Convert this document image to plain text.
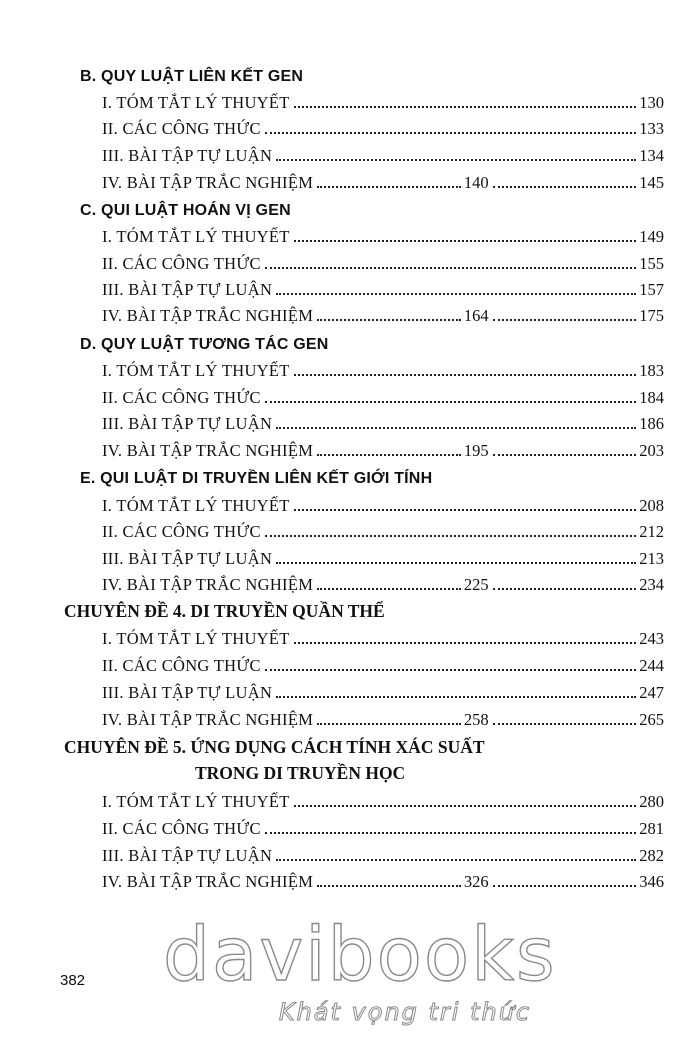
B. QUY LUẬT LIÊN KẾT GEN
I. TÓM TẮT LÝ THUYẾT	130
II. CÁC CÔNG THỨC	133
III. BÀI TẬP TỰ LUẬN	134
IV. BÀI TẬP TRẮC NGHIỆM	140	145
C. QUI LUẬT HOÁN VỊ GEN
I. TÓM TẮT LÝ THUYẾT	149
II. CÁC CÔNG THỨC	155
III. BÀI TẬP TỰ LUẬN	157
IV. BÀI TẬP TRẮC NGHIỆM	164	175
D. QUY LUẬT TƯƠNG TÁC GEN
I. TÓM TẮT LÝ THUYẾT	183
II. CÁC CÔNG THỨC	184
III. BÀI TẬP TỰ LUẬN	186
IV. BÀI TẬP TRẮC NGHIỆM	195	203
E. QUI LUẬT DI TRUYỀN LIÊN KẾT GIỚI TÍNH
I. TÓM TẮT LÝ THUYẾT	208
II. CÁC CÔNG THỨC	212
III. BÀI TẬP TỰ LUẬN	213
IV. BÀI TẬP TRẮC NGHIỆM	225	234
CHUYÊN ĐỀ 4. DI TRUYỀN QUẦN THỂ
I. TÓM TẮT LÝ THUYẾT	243
II. CÁC CÔNG THỨC	244
III. BÀI TẬP TỰ LUẬN	247
IV. BÀI TẬP TRẮC NGHIỆM	258	265
CHUYÊN ĐỀ 5. ỨNG DỤNG CÁCH TÍNH XÁC SUẤT
TRONG DI TRUYỀN HỌC
I. TÓM TẮT LÝ THUYẾT	280
II. CÁC CÔNG THỨC	281
III. BÀI TẬP TỰ LUẬN	282
IV. BÀI TẬP TRẮC NGHIỆM	326	346
davibooks
Khát vọng tri thức
382
